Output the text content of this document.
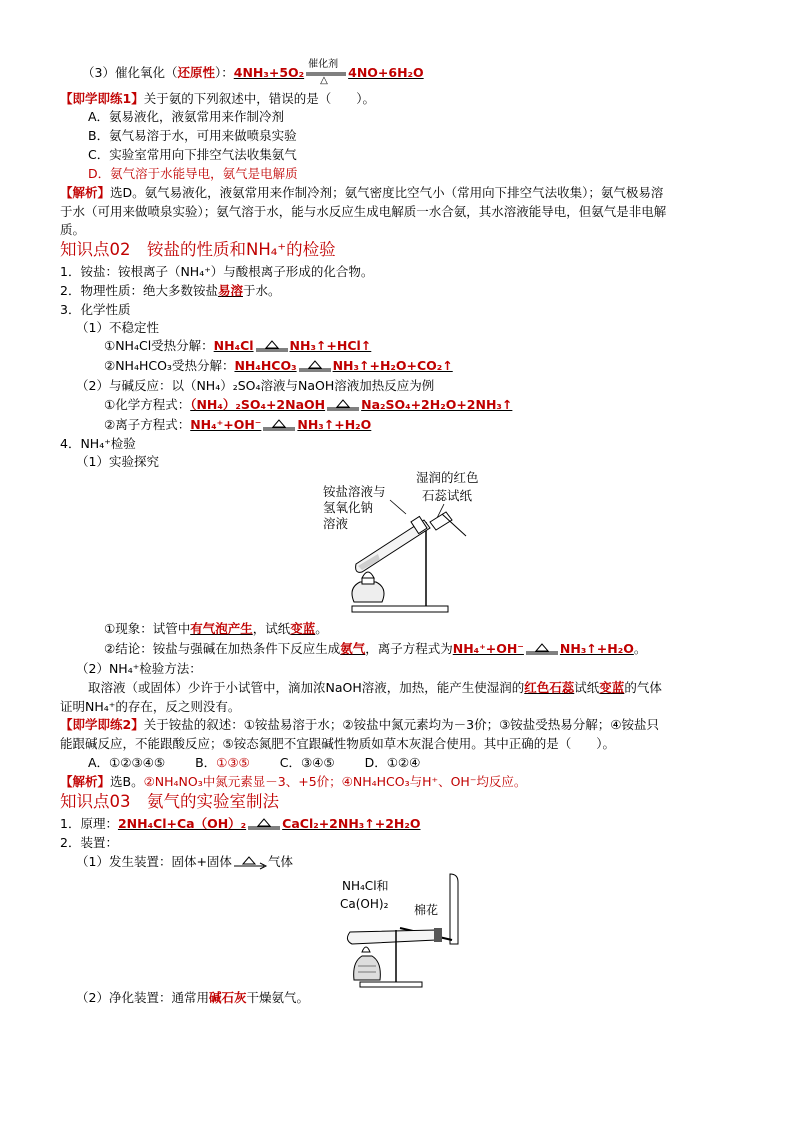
（3）催化氧化（还原性）：4NH₃+5O₂
催化剂
△ 4NO+6H₂O
【即学即练1】关于氨的下列叙述中，错误的是（　　）。
A．氨易液化，液氨常用来作制冷剂
B．氨气易溶于水，可用来做喷泉实验
C．实验室常用向下排空气法收集氨气
D．氨气溶于水能导电，氨气是电解质
【解析】选D。氨气易液化，液氨常用来作制冷剂；氨气密度比空气小（常用向下排空气法收集）；氨气极易溶
于水（可用来做喷泉实验）；氨气溶于水，能与水反应生成电解质一水合氨，其水溶液能导电，但氨气是非电解
质。
知识点02　铵盐的性质和NH₄⁺的检验
1．铵盐：铵根离子（NH₄⁺）与酸根离子形成的化合物。
2．物理性质：绝大多数铵盐易溶于水。
3．化学性质
（1）不稳定性
①NH₄Cl受热分解：NH₄Cl	NH₃↑+HCl↑
②NH₄HCO₃受热分解：NH₄HCO₃	NH₃↑+H₂O+CO₂↑
（2）与碱反应：以（NH₄）₂SO₄溶液与NaOH溶液加热反应为例
①化学方程式：（NH₄）₂SO₄+2NaOH	Na₂SO₄+2H₂O+2NH₃↑
②离子方程式：NH₄⁺+OH⁻	NH₃↑+H₂O
4．NH₄⁺检验
（1）实验探究
铵盐溶液与
氢氧化钠
溶液
湿润的红色
石蕊试纸
①现象：试管中有气泡产生，试纸变蓝。
②结论：铵盐与强碱在加热条件下反应生成氨气，离子方程式为NH₄⁺+OH⁻	NH₃↑+H₂O。
（2）NH₄⁺检验方法：
取溶液（或固体）少许于小试管中，滴加浓NaOH溶液，加热，能产生使湿润的红色石蕊试纸变蓝的气体
证明NH₄⁺的存在，反之则没有。
【即学即练2】关于铵盐的叙述：①铵盐易溶于水；②铵盐中氮元素均为－3价；③铵盐受热易分解；④铵盐只
能跟碱反应，不能跟酸反应；⑤铵态氮肥不宜跟碱性物质如草木灰混合使用。其中正确的是（　　）。
A．①②③④⑤ B．①③⑤ C．③④⑤ D．①②④
【解析】选B。②NH₄NO₃中氮元素显－3、+5价；④NH₄HCO₃与H⁺、OH⁻均反应。
知识点03　氨气的实验室制法
1．原理：2NH₄Cl+Ca（OH）₂	CaCl₂+2NH₃↑+2H₂O
2．装置：
（1）发生装置：固体+固体	气体
NH₄Cl和
Ca(OH)₂ 棉花
（2）净化装置：通常用碱石灰干燥氨气。
